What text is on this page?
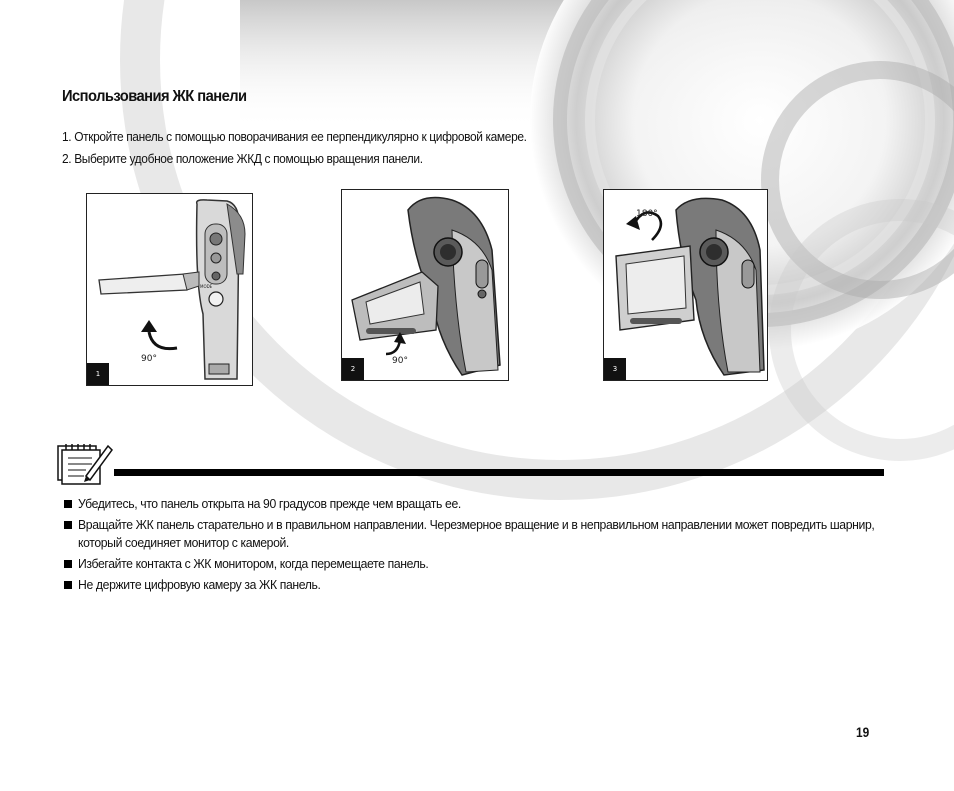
Использования ЖК панели
1. Откройте панель с помощью поворачивания ее перпендикулярно к цифровой камере.
2. Выберите удобное положение ЖКД с помощью вращения панели.
MODE
90°
1
90°
2
180°
3
Убедитесь, что панель открыта на 90 градусов прежде чем вращать ее.
Вращайте ЖК панель старательно и в правильном направлении. Черезмерное вращение и в неправильном направлении может повредить шарнир, который соединяет монитор с камерой.
Избегайте контакта с ЖК монитором, когда перемещаете панель.
Не держите цифровую камеру за ЖК панель.
19
